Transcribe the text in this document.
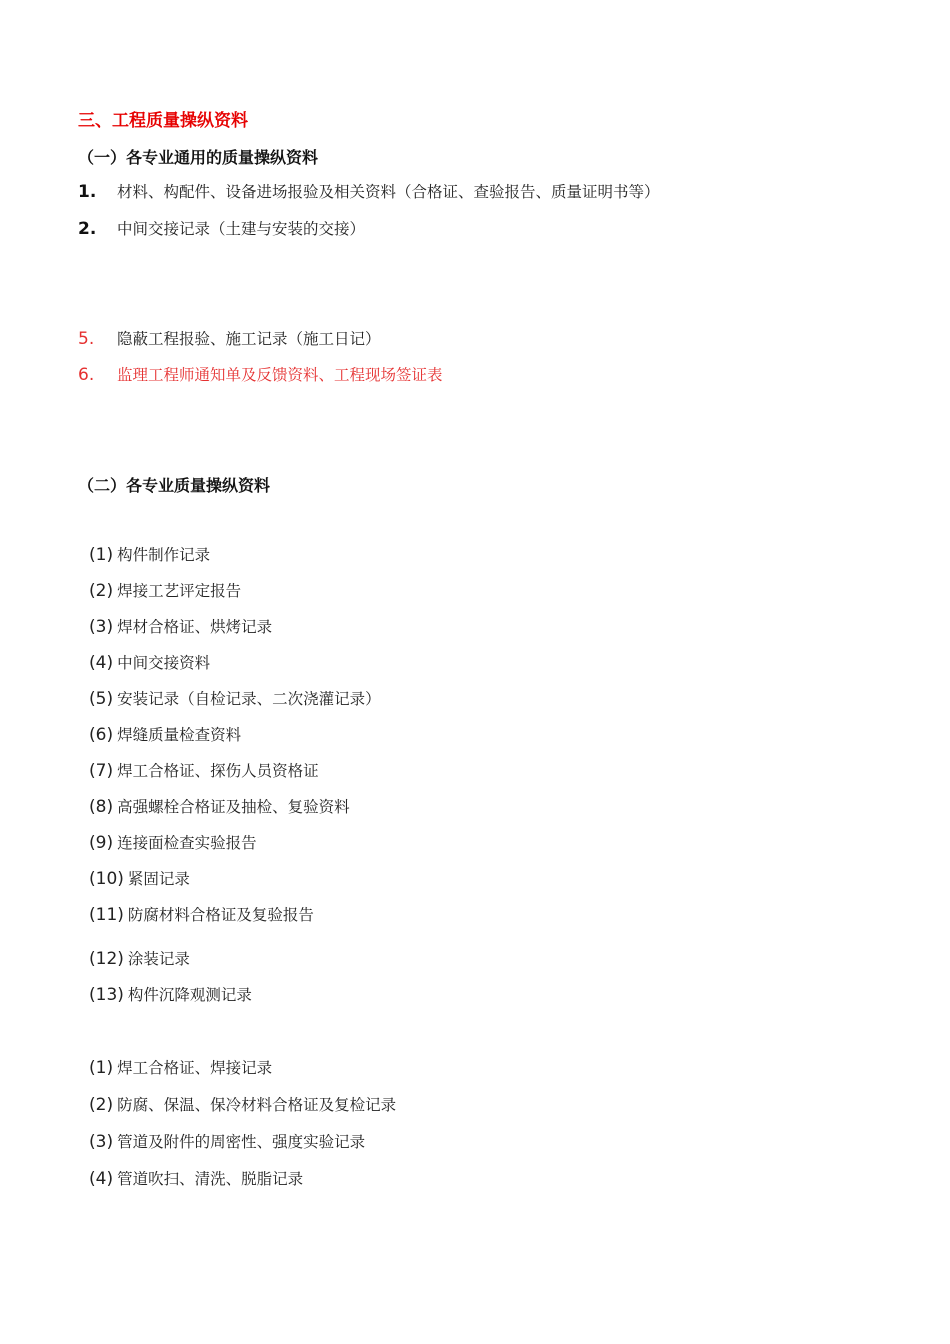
三、工程质量操纵资料
（一）各专业通用的质量操纵资料
1. 材料、构配件、设备进场报验及相关资料（合格证、查验报告、质量证明书等）
2. 中间交接记录（土建与安装的交接）
5. 隐蔽工程报验、施工记录（施工日记）
6. 监理工程师通知单及反馈资料、工程现场签证表
（二）各专业质量操纵资料
(1) 构件制作记录
(2) 焊接工艺评定报告
(3) 焊材合格证、烘烤记录
(4) 中间交接资料
(5) 安装记录（自检记录、二次浇灌记录）
(6) 焊缝质量检查资料
(7) 焊工合格证、探伤人员资格证
(8) 高强螺栓合格证及抽检、复验资料
(9) 连接面检查实验报告
(10) 紧固记录
(11) 防腐材料合格证及复验报告
(12) 涂装记录
(13) 构件沉降观测记录
(1) 焊工合格证、焊接记录
(2) 防腐、保温、保冷材料合格证及复检记录
(3) 管道及附件的周密性、强度实验记录
(4) 管道吹扫、清洗、脱脂记录
